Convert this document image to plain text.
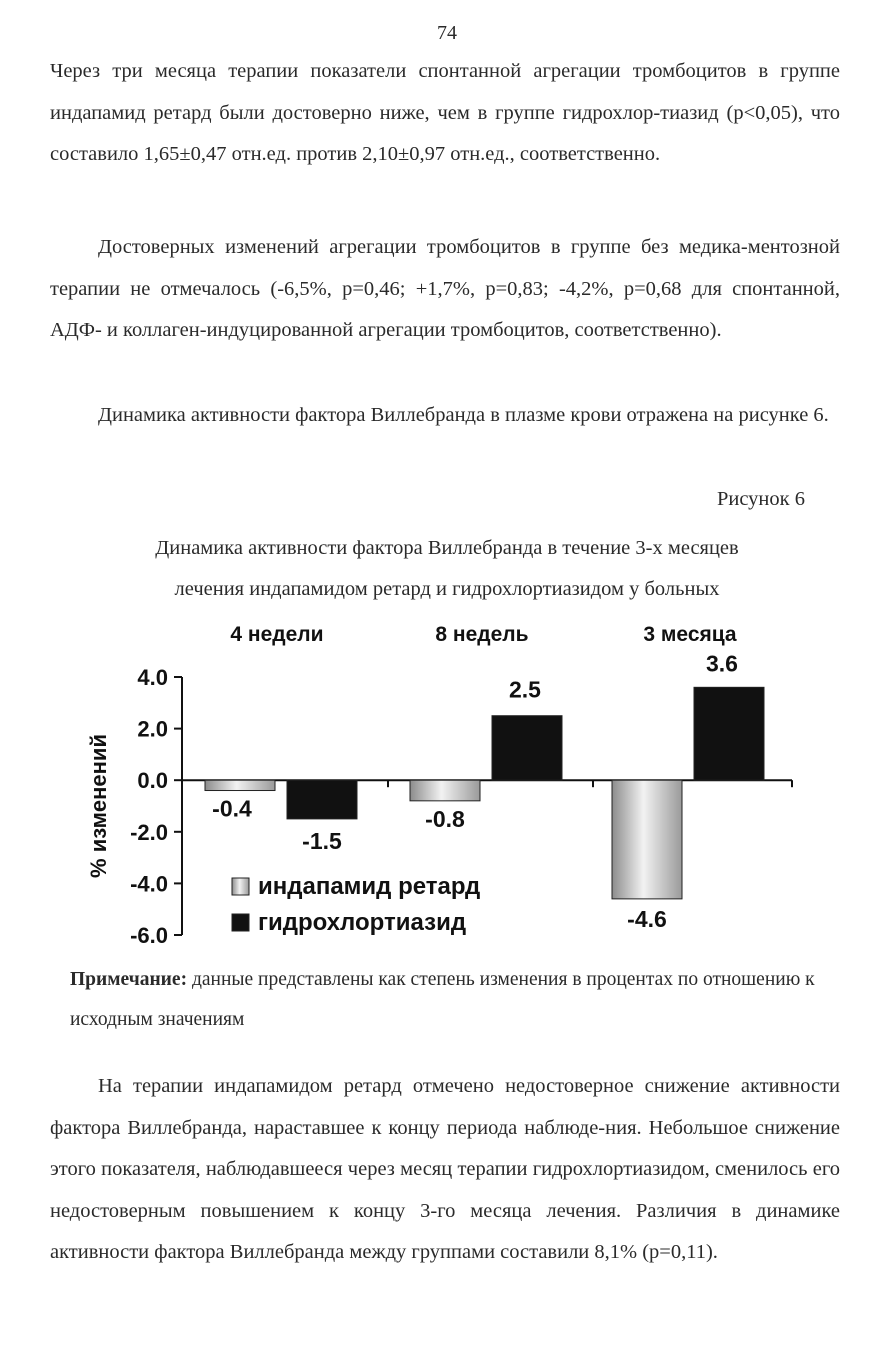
74

Через три месяца терапии показатели спонтанной агрегации тромбоцитов в группе индапамид ретард были достоверно ниже, чем в группе гидрохлор-тиазид (p<0,05), что составило 1,65±0,47 отн.ед. против 2,10±0,97 отн.ед., соответственно.

Достоверных изменений агрегации тромбоцитов в группе без медика-ментозной терапии не отмечалось (-6,5%, p=0,46; +1,7%, p=0,83; -4,2%, p=0,68 для спонтанной, АДФ- и коллаген-индуцированной агрегации тромбоцитов, соответственно).

Динамика активности фактора Виллебранда в плазме крови отражена на рисунке 6.

Рисунок 6
Динамика активности фактора Виллебранда в течение 3-х месяцев
лечения индапамидом ретард и гидрохлортиазидом у больных
4.0
2.0
0.0
-2.0
-4.0
-6.0
% изменений
4 недели	8 недель	3 месяца
-0.4	-0.8
-4.6
-1.5
2.5
3.6
индапамид ретард
гидрохлортиазид
Примечание: данные представлены как степень изменения в процентах по отношению к исходным значениям

На терапии индапамидом ретард отмечено недостоверное снижение активности фактора Виллебранда, нараставшее к концу периода наблюде-ния. Небольшое снижение этого показателя, наблюдавшееся через месяц терапии гидрохлортиазидом, сменилось его недостоверным повышением к концу 3-го месяца лечения. Различия в динамике активности фактора Виллебранда между группами составили 8,1% (p=0,11).
